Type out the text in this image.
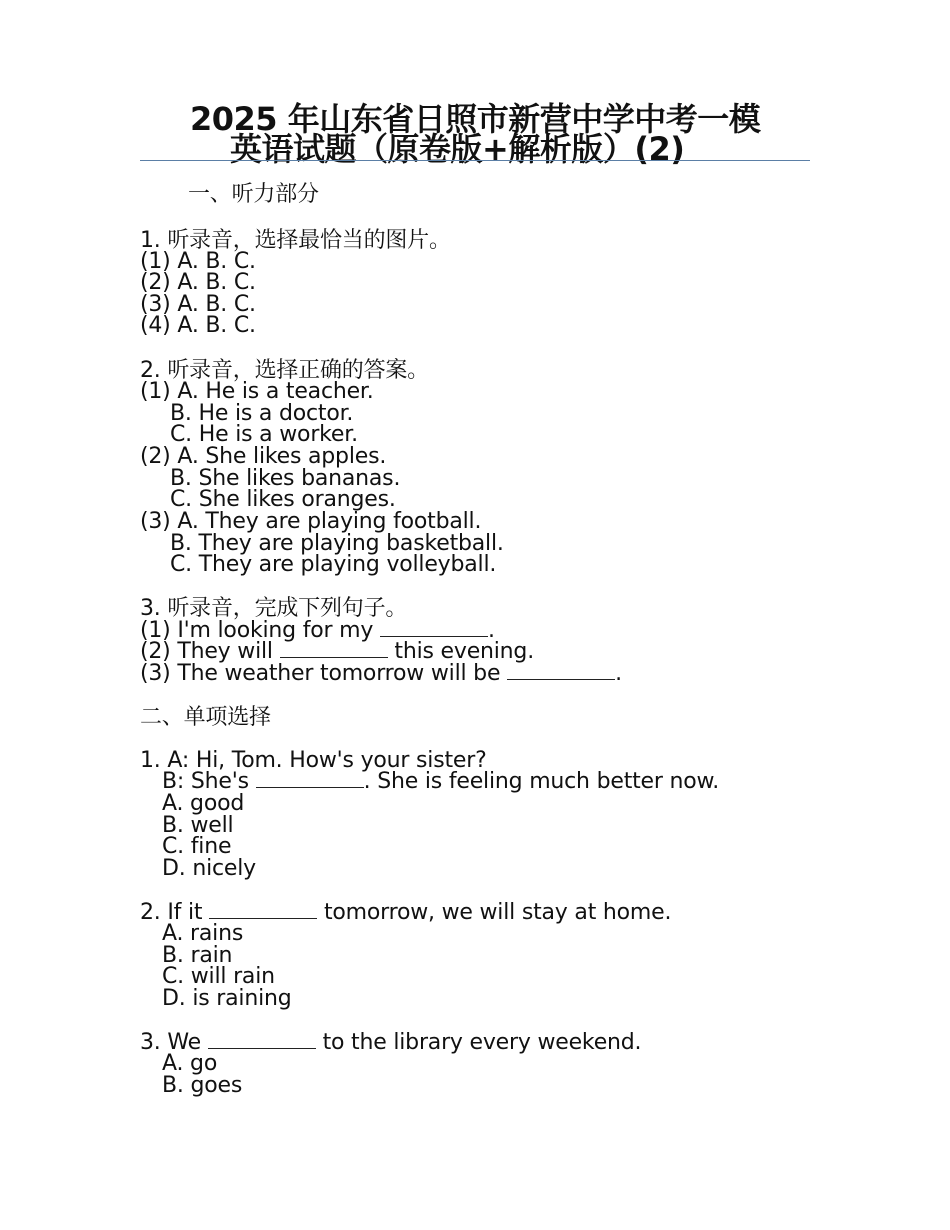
2025 年山东省日照市新营中学中考一模
英语试题（原卷版+解析版）(2)
一、听力部分
1. 听录音，选择最恰当的图片。
(1) A. B. C.
(2) A. B. C.
(3) A. B. C.
(4) A. B. C.
2. 听录音，选择正确的答案。
(1) A. He is a teacher.
B. He is a doctor.
C. He is a worker.
(2) A. She likes apples.
B. She likes bananas.
C. She likes oranges.
(3) A. They are playing football.
B. They are playing basketball.
C. They are playing volleyball.
3. 听录音，完成下列句子。
(1) I'm looking for my	.
(2) They will	this evening.
(3) The weather tomorrow will be	.
二、单项选择
1. A: Hi, Tom. How's your sister?
B: She's	. She is feeling much better now.
A. good
B. well
C. fine
D. nicely
2. If it	tomorrow, we will stay at home.
A. rains
B. rain
C. will rain
D. is raining
3. We	to the library every weekend.
A. go
B. goes
